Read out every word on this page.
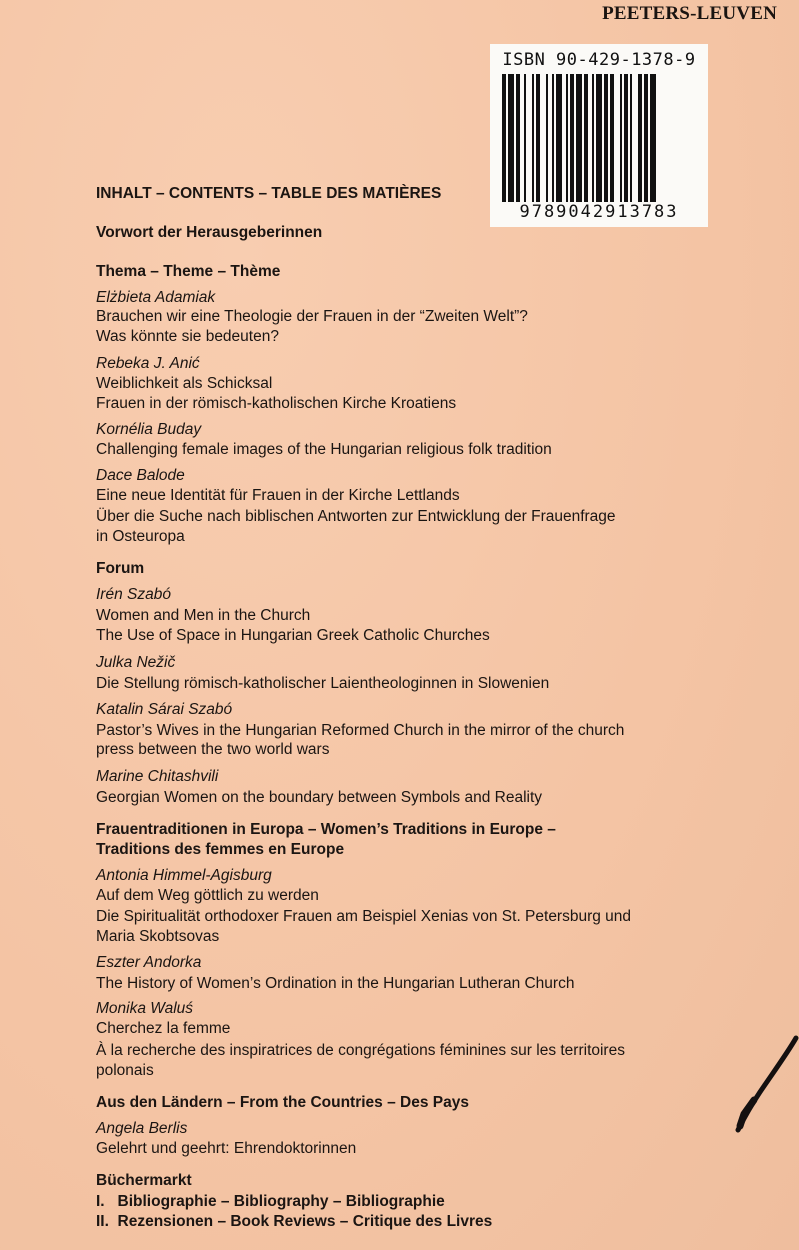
PEETERS-LEUVEN
ISBN 90-429-1378-9
9789042913783
INHALT – CONTENTS – TABLE DES MATIÈRES
Vorwort der Herausgeberinnen
Thema – Theme – Thème
Elżbieta Adamiak
Brauchen wir eine Theologie der Frauen in der “Zweiten Welt”?
Was könnte sie bedeuten?
Rebeka J. Anić
Weiblichkeit als Schicksal
Frauen in der römisch-katholischen Kirche Kroatiens
Kornélia Buday
Challenging female images of the Hungarian religious folk tradition
Dace Balode
Eine neue Identität für Frauen in der Kirche Lettlands
Über die Suche nach biblischen Antworten zur Entwicklung der Frauenfrage
in Osteuropa
Forum
Irén Szabó
Women and Men in the Church
The Use of Space in Hungarian Greek Catholic Churches
Julka Nežič
Die Stellung römisch-katholischer Laientheologinnen in Slowenien
Katalin Sárai Szabó
Pastor’s Wives in the Hungarian Reformed Church in the mirror of the church
press between the two world wars
Marine Chitashvili
Georgian Women on the boundary between Symbols and Reality
Frauentraditionen in Europa – Women’s Traditions in Europe –
Traditions des femmes en Europe
Antonia Himmel-Agisburg
Auf dem Weg göttlich zu werden
Die Spiritualität orthodoxer Frauen am Beispiel Xenias von St. Petersburg und
Maria Skobtsovas
Eszter Andorka
The History of Women’s Ordination in the Hungarian Lutheran Church
Monika Waluś
Cherchez la femme
À la recherche des inspiratrices de congrégations féminines sur les territoires
polonais
Aus den Ländern – From the Countries – Des Pays
Angela Berlis
Gelehrt und geehrt: Ehrendoktorinnen
Büchermarkt
I.   Bibliographie – Bibliography – Bibliographie
II.  Rezensionen – Book Reviews – Critique des Livres
